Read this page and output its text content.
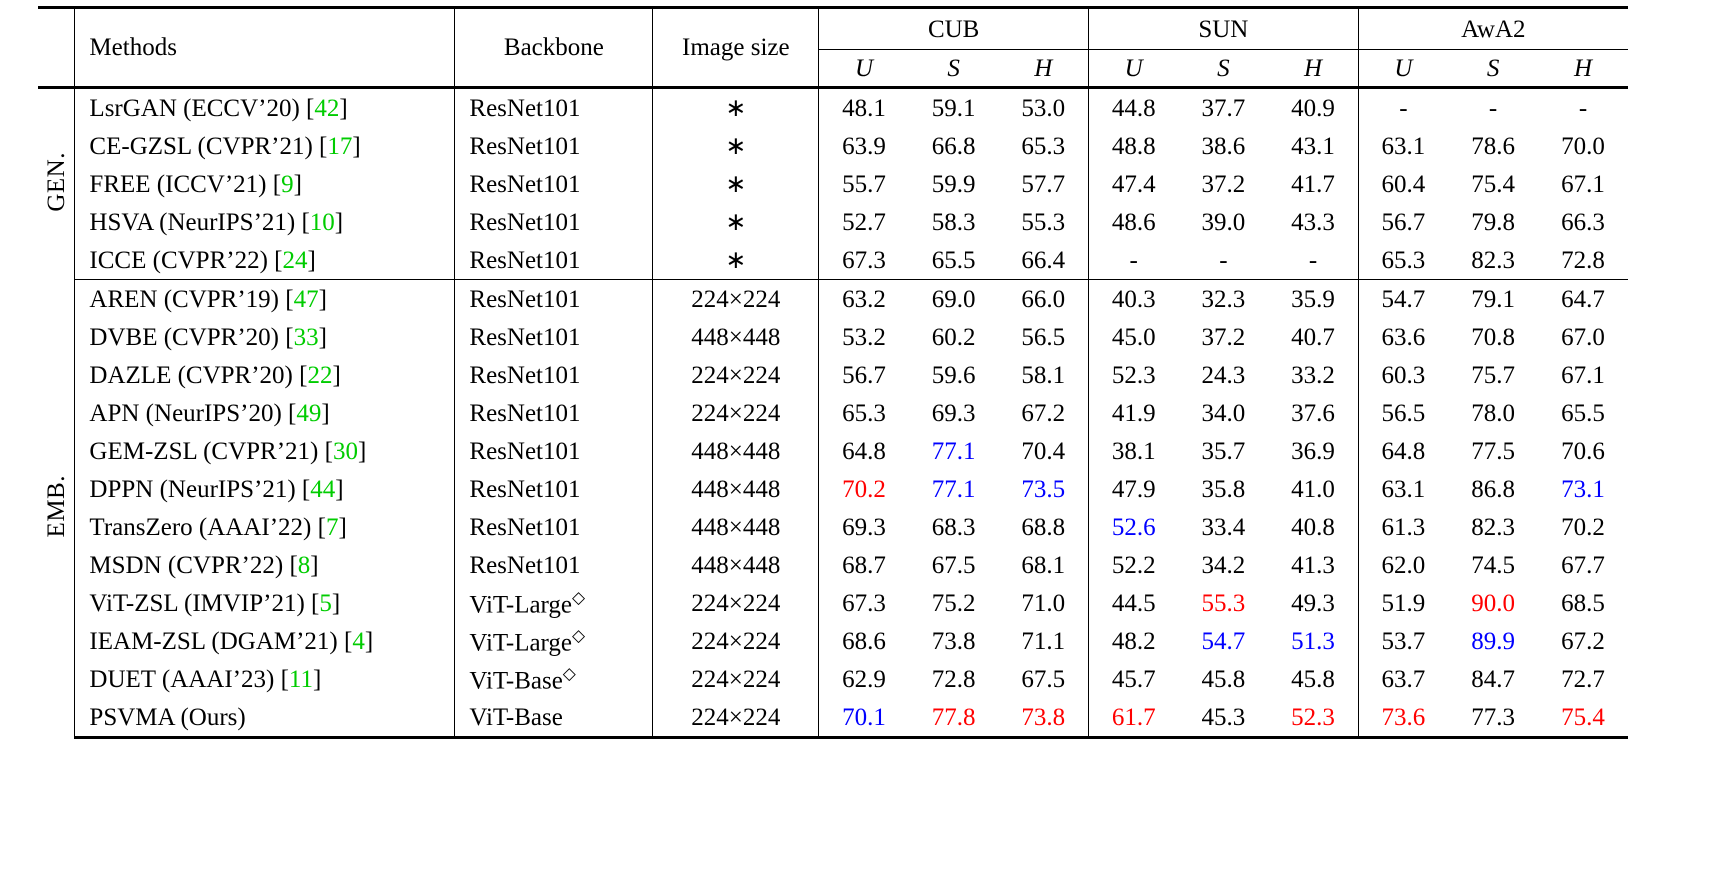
	Methods	Backbone	Image size	CUB			SUN			AwA2		
				U	S	H	U	S	H	U	S	H
GEN.	LsrGAN (ECCV’20) [42]	ResNet101	∗	48.1	59.1	53.0	44.8	37.7	40.9	-	-	-
	CE-GZSL (CVPR’21) [17]	ResNet101	∗	63.9	66.8	65.3	48.8	38.6	43.1	63.1	78.6	70.0
	FREE (ICCV’21) [9]	ResNet101	∗	55.7	59.9	57.7	47.4	37.2	41.7	60.4	75.4	67.1
	HSVA (NeurIPS’21) [10]	ResNet101	∗	52.7	58.3	55.3	48.6	39.0	43.3	56.7	79.8	66.3
	ICCE (CVPR’22) [24]	ResNet101	∗	67.3	65.5	66.4	-	-	-	65.3	82.3	72.8
EMB.	AREN (CVPR’19) [47]	ResNet101	224×224	63.2	69.0	66.0	40.3	32.3	35.9	54.7	79.1	64.7
	DVBE (CVPR’20) [33]	ResNet101	448×448	53.2	60.2	56.5	45.0	37.2	40.7	63.6	70.8	67.0
	DAZLE (CVPR’20) [22]	ResNet101	224×224	56.7	59.6	58.1	52.3	24.3	33.2	60.3	75.7	67.1
	APN (NeurIPS’20) [49]	ResNet101	224×224	65.3	69.3	67.2	41.9	34.0	37.6	56.5	78.0	65.5
	GEM-ZSL (CVPR’21) [30]	ResNet101	448×448	64.8	77.1	70.4	38.1	35.7	36.9	64.8	77.5	70.6
	DPPN (NeurIPS’21) [44]	ResNet101	448×448	70.2	77.1	73.5	47.9	35.8	41.0	63.1	86.8	73.1
	TransZero (AAAI’22) [7]	ResNet101	448×448	69.3	68.3	68.8	52.6	33.4	40.8	61.3	82.3	70.2
	MSDN (CVPR’22) [8]	ResNet101	448×448	68.7	67.5	68.1	52.2	34.2	41.3	62.0	74.5	67.7
	ViT-ZSL (IMVIP’21) [5]	ViT-Large◇	224×224	67.3	75.2	71.0	44.5	55.3	49.3	51.9	90.0	68.5
	IEAM-ZSL (DGAM’21) [4]	ViT-Large◇	224×224	68.6	73.8	71.1	48.2	54.7	51.3	53.7	89.9	67.2
	DUET (AAAI’23) [11]	ViT-Base◇	224×224	62.9	72.8	67.5	45.7	45.8	45.8	63.7	84.7	72.7
	PSVMA (Ours)	ViT-Base	224×224	70.1	77.8	73.8	61.7	45.3	52.3	73.6	77.3	75.4
